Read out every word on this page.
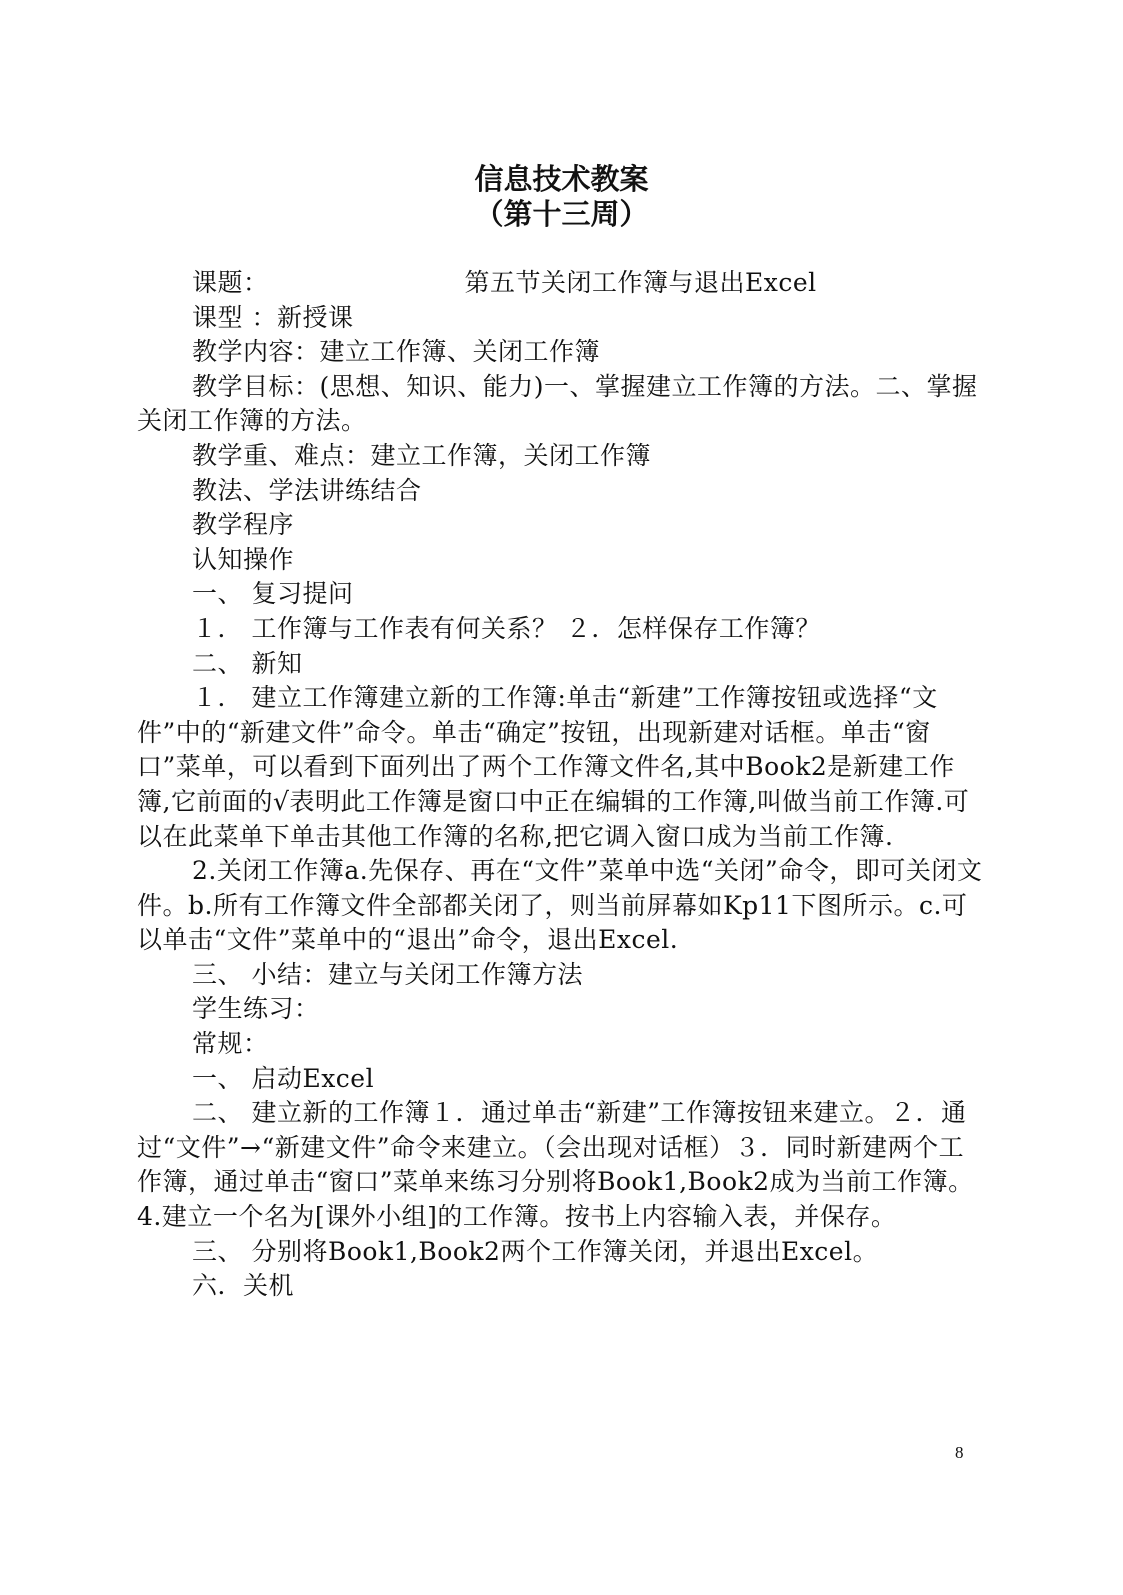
信息技术教案
（第十三周）

课题：	第五节关闭工作簿与退出Excel

课型 ：新授课

教学内容：建立工作簿、关闭工作簿

教学目标：(思想、知识、能力)一、掌握建立工作簿的方法。二、掌握关闭工作簿的方法。

教学重、难点：建立工作簿，关闭工作簿

教法、学法讲练结合

教学程序

认知操作

一、 复习提问

１． 工作簿与工作表有何关系？ ２．怎样保存工作簿？

二、 新知

１． 建立工作簿建立新的工作簿:单击“新建”工作簿按钮或选择“文件”中的“新建文件”命令。单击“确定”按钮，出现新建对话框。单击“窗口”菜单，可以看到下面列出了两个工作簿文件名,其中Book2是新建工作簿,它前面的√表明此工作簿是窗口中正在编辑的工作簿,叫做当前工作簿.可以在此菜单下单击其他工作簿的名称,把它调入窗口成为当前工作簿.

2.关闭工作簿a.先保存、再在“文件”菜单中选“关闭”命令，即可关闭文件。b.所有工作簿文件全部都关闭了，则当前屏幕如Kp11下图所示。c.可以单击“文件”菜单中的“退出”命令，退出Excel.

三、 小结：建立与关闭工作簿方法

学生练习：

常规：

一、 启动Excel

二、 建立新的工作簿１．通过单击“新建”工作簿按钮来建立。２．通过“文件”→“新建文件”命令来建立。（会出现对话框）３．同时新建两个工作簿，通过单击“窗口”菜单来练习分别将Book1,Book2成为当前工作簿。4.建立一个名为[课外小组]的工作簿。按书上内容输入表，并保存。

三、 分别将Book1,Book2两个工作簿关闭，并退出Excel。

六．关机

8
